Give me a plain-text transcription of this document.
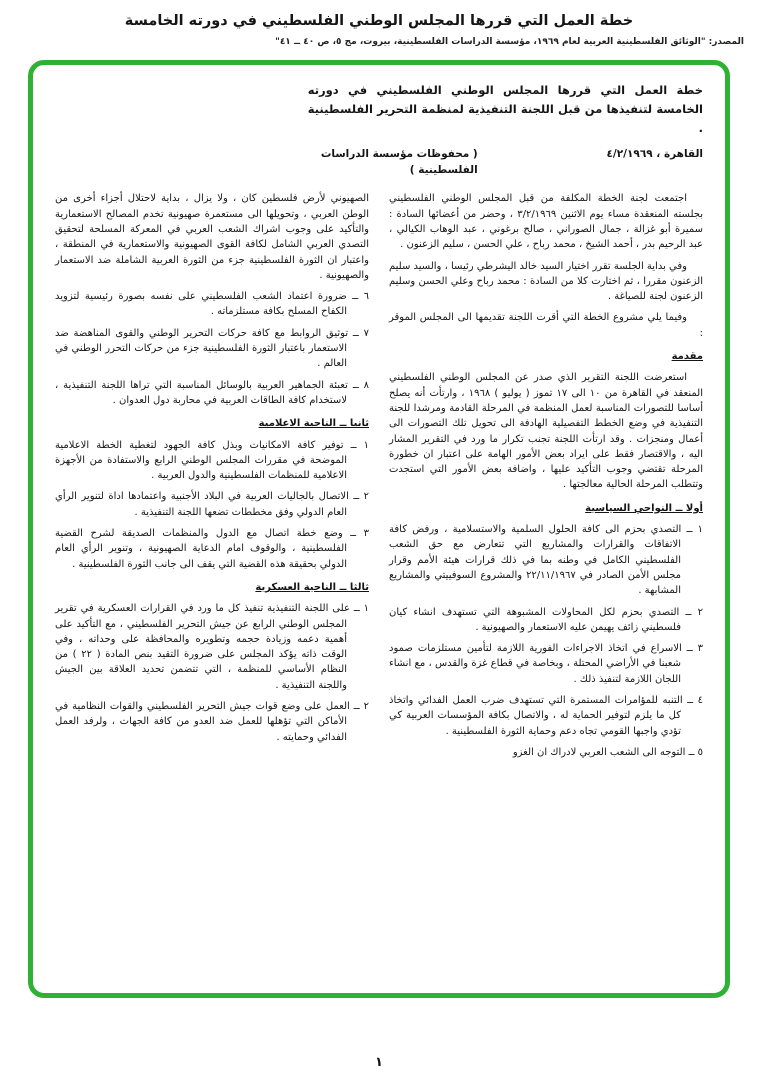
خطة العمل التي قررها المجلس الوطني الفلسطيني في دورته الخامسة
المصدر: "الوثائق الفلسطينية العربية لعام ١٩٦٩، مؤسسة الدراسات الفلسطينية، بيروت، مج ٥، ص ٤٠ ــ ٤١"
خطة العمل التي قررها المجلس الوطني الفلسطيني في دورته الخامسة لتنفيذها من قبل اللجنة التنفيذية لمنظمة التحرير الفلسطينية .
القاهرة ، ٤/٢/١٩٦٩
( محفوظات مؤسسة الدراسات الفلسطينية )

اجتمعت لجنة الخطة المكلفة من قبل المجلس الوطني الفلسطيني بجلسته المنعقدة مساء يوم الاثنين ٣/٢/١٩٦٩ ، وحضر من أعضائها السادة : سميرة أبو غزالة ، جمال الصوراني ، صالح برغوني ، عبد الوهاب الكيالي ، عبد الرحيم بدر ، أحمد الشيخ ، محمد رباح ، علي الحسن ، سليم الزعنون .

وفي بداية الجلسة تقرر اختيار السيد خالد اليشرطي رئيسا ، والسيد سليم الزعنون مقررا ، ثم اختارت كلا من السادة : محمد رباح وعلي الحسن وسليم الزعنون لجنة للصياغة .

وفيما يلي مشروع الخطة التي أقرت اللجنة تقديمها الى المجلس الموقر :

مقدمة

استعرضت اللجنة التقرير الذي صدر عن المجلس الوطني الفلسطيني المنعقد في القاهرة من ١٠ الى ١٧ تموز ( يوليو ) ١٩٦٨ ، وارتأت أنه يصلح أساسا للتصورات المناسبة لعمل المنظمة في المرحلة القادمة ومرشدا للجنة التنفيذية في وضع الخطط التفصيلية الهادفة الى تحويل تلك التصورات الى أعمال ومنجزات . وقد ارتأت اللجنة تجنب تكرار ما ورد في التقرير المشار اليه ، والاقتصار فقط على ايراد بعض الأمور الهامة على اعتبار ان خطورة المرحلة تقتضي وجوب التأكيد عليها ، واضافة بعض الأمور التي استجدت وتتطلب المرحلة الحالية معالجتها .

أولا ــ النواحي السياسية

١ ــ التصدي بحزم الى كافة الحلول السلمية والاستسلامية ، ورفض كافة الاتفاقات والقرارات والمشاريع التي تتعارض مع حق الشعب الفلسطيني الكامل في وطنه بما في ذلك قرارات هيئة الأمم وقرار مجلس الأمن الصادر في ٢٢/١١/١٩٦٧ والمشروع السوفييتي والمشاريع المشابهة .

٢ ــ التصدي بحزم لكل المحاولات المشبوهة التي تستهدف انشاء كيان فلسطيني زائف يهيمن عليه الاستعمار والصهيونية .

٣ ــ الاسراع في اتخاذ الاجراءات الفورية اللازمة لتأمين مستلزمات صمود شعبنا في الأراضي المحتلة ، وبخاصة في قطاع غزة والقدس ، مع انشاء اللجان اللازمة لتنفيذ ذلك .

٤ ــ التنبه للمؤامرات المستمرة التي تستهدف ضرب العمل الفدائي واتخاذ كل ما يلزم لتوفير الحماية له ، والاتصال بكافة المؤسسات العربية كي تؤدي واجبها القومي تجاه دعم وحماية الثورة الفلسطينية .

٥ ــ التوجه الى الشعب العربي لادراك ان الغزو

الصهيوني لأرض فلسطين كان ، ولا يزال ، بداية لاحتلال أجزاء أخرى من الوطن العربي ، وتحويلها الى مستعمرة صهيونية تخدم المصالح الاستعمارية والتأكيد على وجوب اشراك الشعب العربي في المعركة المسلحة لتحقيق التصدي العربي الشامل لكافة القوى الصهيونية والاستعمارية في المنطقة ، واعتبار ان الثورة الفلسطينية جزء من الثورة العربية الشاملة ضد الاستعمار والصهيونية .

٦ ــ ضرورة اعتماد الشعب الفلسطيني على نفسه بصورة رئيسية لتزويد الكفاح المسلح بكافة مستلزماته .

٧ ــ توثيق الروابط مع كافة حركات التحرير الوطني والقوى المناهضة ضد الاستعمار باعتبار الثورة الفلسطينية جزء من حركات التحرر الوطني في العالم .

٨ ــ تعبئة الجماهير العربية بالوسائل المناسبة التي تراها اللجنة التنفيذية ، لاستخدام كافة الطاقات العربية في محاربة دول العدوان .

ثانيا ــ الناحية الاعلامية

١ ــ توفير كافة الامكانيات وبذل كافة الجهود لتغطية الخطة الاعلامية الموضحة في مقررات المجلس الوطني الرابع والاستفادة من الأجهزة الاعلامية للمنظمات الفلسطينية والدول العربية .

٢ ــ الاتصال بالجاليات العربية في البلاد الأجنبية واعتمادها اداة لتنوير الرأي العام الدولي وفق مخططات تضعها اللجنة التنفيذية .

٣ ــ وضع خطة اتصال مع الدول والمنظمات الصديقة لشرح القضية الفلسطينية ، والوقوف امام الدعاية الصهيونية ، وتنوير الرأي العام الدولي بحقيقة هذه القضية التي يقف الى جانب الثورة الفلسطينية .

ثالثا ــ الناحية العسكرية

١ ــ على اللجنة التنفيذية تنفيذ كل ما ورد في القرارات العسكرية في تقرير المجلس الوطني الرابع عن جيش التحرير الفلسطيني ، مع التأكيد على أهمية دعمه وزيادة حجمه وتطويره والمحافظة على وحداته ، وفي الوقت ذاته يؤكد المجلس على ضرورة التقيد بنص المادة ( ٢٢ ) من النظام الأساسي للمنظمة ، التي تتضمن تحديد العلاقة بين الجيش واللجنة التنفيذية .

٢ ــ العمل على وضع قوات جيش التحرير الفلسطيني والقوات النظامية في الأماكن التي تؤهلها للعمل ضد العدو من كافة الجهات ، ولرفد العمل الفدائي وحمايته .

١
